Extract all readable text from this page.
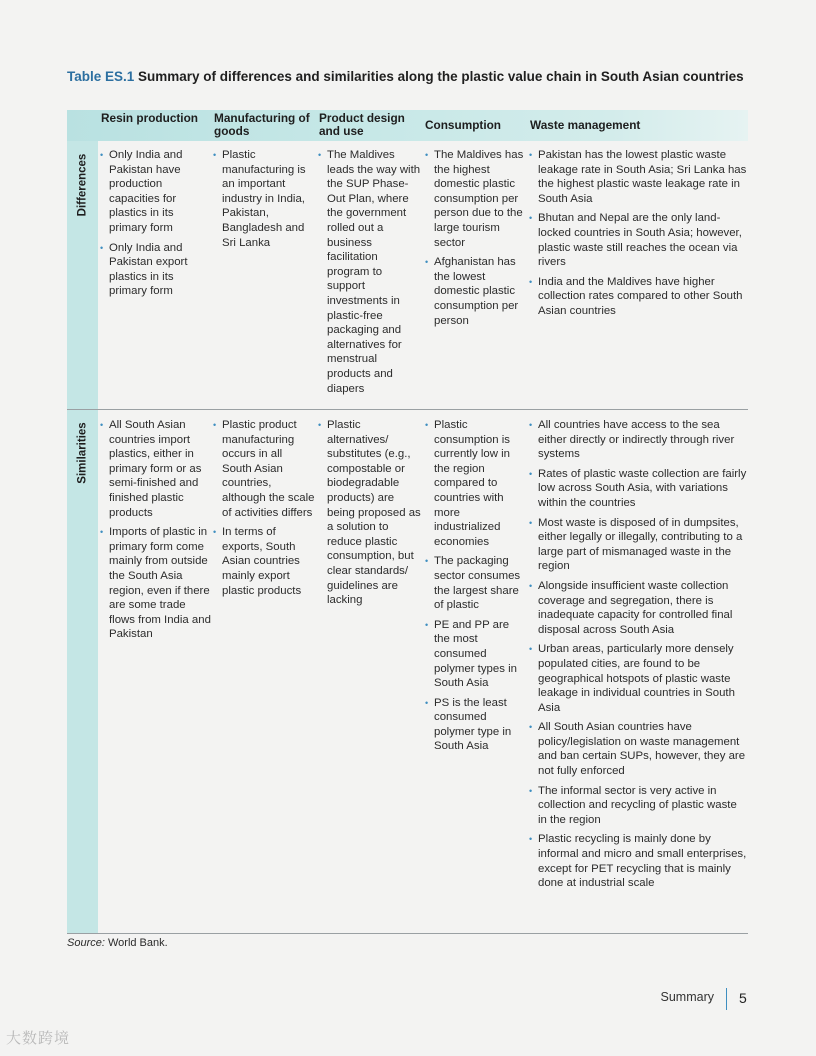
Table ES.1 Summary of differences and similarities along the plastic value chain in South Asian countries
Resin production Manufacturing of goods
Product design and use	Consumption	Waste management
Differences
Similarities
• Only India and Pakistan have production capacities for plastics in its primary form
• Only India and Pakistan export plastics in its primary form
• Plastic manufacturing is an important industry in India, Pakistan, Bangladesh and Sri Lanka
• The Maldives leads the way with the SUP Phase-Out Plan, where the government rolled out a business facilitation program to support investments in plastic-free packaging and alternatives for menstrual products and diapers
• The Maldives has the highest domestic plastic consumption per person due to the large tourism sector
• Afghanistan has the lowest domestic plastic consumption per person
• Pakistan has the lowest plastic waste leakage rate in South Asia; Sri Lanka has the highest plastic waste leakage rate in South Asia
• Bhutan and Nepal are the only land-locked countries in South Asia; however, plastic waste still reaches the ocean via rivers
• India and the Maldives have higher collection rates compared to other South Asian countries
• All South Asian countries import plastics, either in primary form or as semi-finished and finished plastic products
• Imports of plastic in primary form come mainly from outside the South Asia region, even if there are some trade flows from India and Pakistan
• Plastic product manufacturing occurs in all South Asian countries, although the scale of activities differs
• In terms of exports, South Asian countries mainly export plastic products
• Plastic alternatives/ substitutes (e.g., compostable or biodegradable products) are being proposed as a solution to reduce plastic consumption, but clear standards/ guidelines are lacking
• Plastic consumption is currently low in the region compared to countries with more industrialized economies
• The packaging sector consumes the largest share of plastic
• PE and PP are the most consumed polymer types in South Asia
• PS is the least consumed polymer type in South Asia
• All countries have access to the sea either directly or indirectly through river systems
• Rates of plastic waste collection are fairly low across South Asia, with variations within the countries
• Most waste is disposed of in dumpsites, either legally or illegally, contributing to a large part of mismanaged waste in the region
• Alongside insufficient waste collection coverage and segregation, there is inadequate capacity for controlled final disposal across South Asia
• Urban areas, particularly more densely populated cities, are found to be geographical hotspots of plastic waste leakage in individual countries in South Asia
• All South Asian countries have policy/legislation on waste management and ban certain SUPs, however, they are not fully enforced
• The informal sector is very active in collection and recycling of plastic waste in the region
• Plastic recycling is mainly done by informal and micro and small enterprises, except for PET recycling that is mainly done at industrial scale
Source: World Bank.
Summary 5
大数跨境
